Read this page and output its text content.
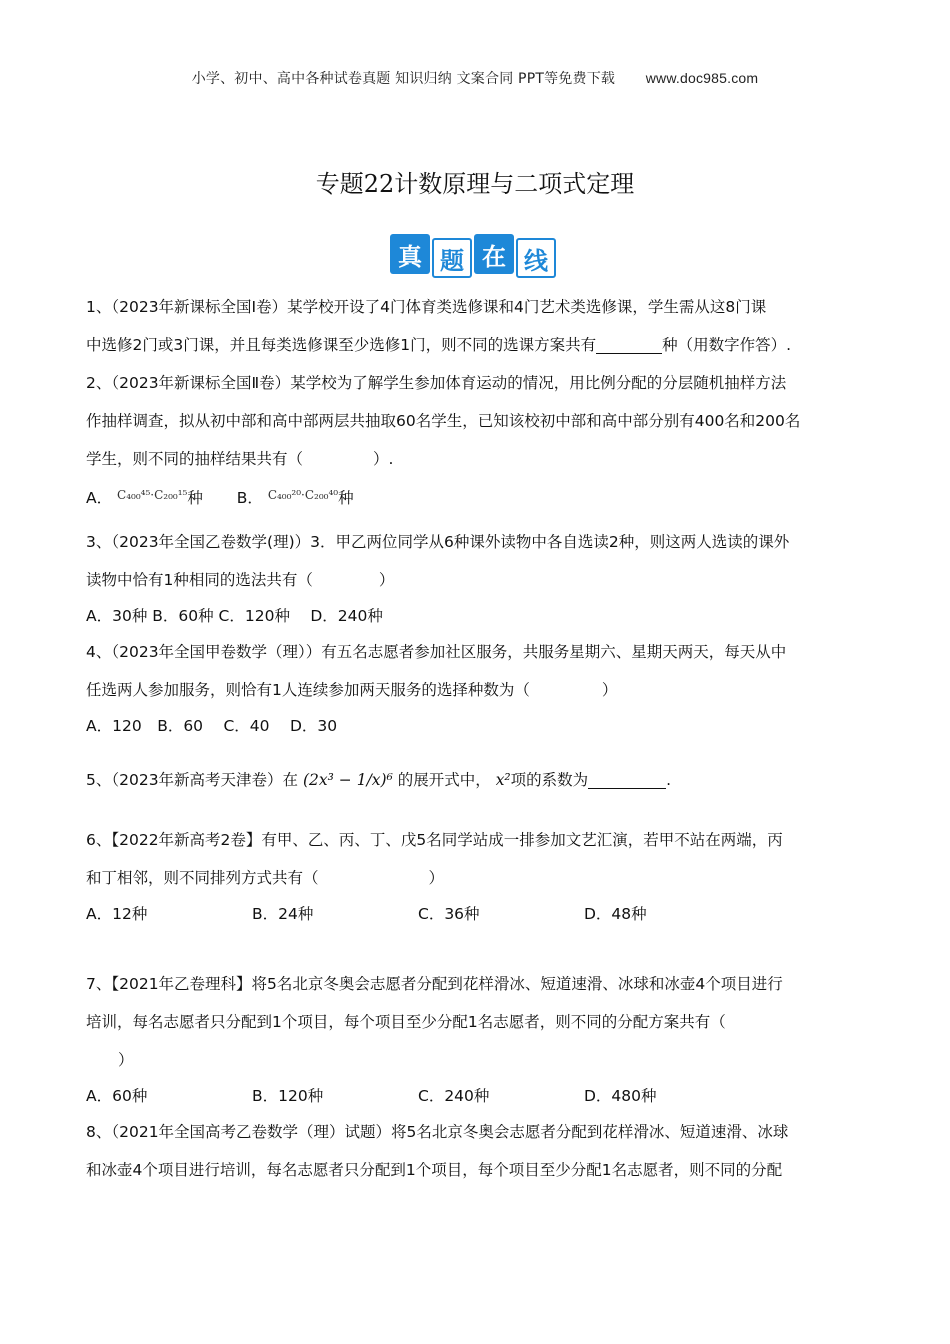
小学、初中、高中各种试卷真题 知识归纳 文案合同 PPT等免费下载 www.doc985.com
专题22计数原理与二项式定理
真 题 在 线

1、（2023年新课标全国Ⅰ卷）某学校开设了4门体育类选修课和4门艺术类选修课，学生需从这8门课

中选修2门或3门课，并且每类选修课至少选修1门，则不同的选课方案共有	种（用数字作答）.

2、（2023年新课标全国Ⅱ卷）某学校为了解学生参加体育运动的情况，用比例分配的分层随机抽样方法

作抽样调查，拟从初中部和高中部两层共抽取60名学生，已知该校初中部和高中部分别有400名和200名

学生，则不同的抽样结果共有（	）.

A． C₄₀₀⁴⁵·C₂₀₀¹⁵种 B． C₄₀₀²⁰·C₂₀₀⁴⁰种

3、（2023年全国乙卷数学(理)）3．甲乙两位同学从6种课外读物中各自选读2种，则这两人选读的课外

读物中恰有1种相同的选法共有（	）

A．30种 B．60种 C．120种　 D．240种

4、（2023年全国甲卷数学（理））有五名志愿者参加社区服务，共服务星期六、星期天两天，每天从中

任选两人参加服务，则恰有1人连续参加两天服务的选择种数为（	）

A．120　B．60　 C．40　 D．30

5、（2023年新高考天津卷）在 (2x³ − 1/x)⁶ 的展开式中， x²项的系数为	.

6、【2022年新高考2卷】有甲、乙、丙、丁、戊5名同学站成一排参加文艺汇演，若甲不站在两端，丙

和丁相邻，则不同排列方式共有（	）

A．12种	B．24种	C．36种	D．48种

7、【2021年乙卷理科】将5名北京冬奥会志愿者分配到花样滑冰、短道速滑、冰球和冰壶4个项目进行

培训，每名志愿者只分配到1个项目，每个项目至少分配1名志愿者，则不同的分配方案共有（

）

A．60种	B．120种	C．240种	D．480种

8、（2021年全国高考乙卷数学（理）试题）将5名北京冬奥会志愿者分配到花样滑冰、短道速滑、冰球

和冰壶4个项目进行培训，每名志愿者只分配到1个项目，每个项目至少分配1名志愿者，则不同的分配
